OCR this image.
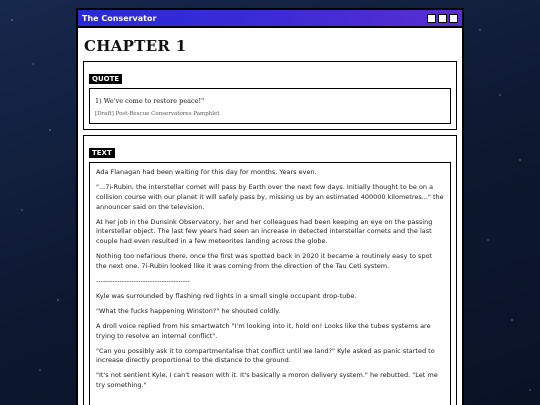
The Conservator
CHAPTER 1
QUOTE

1) We've come to restore peace!"

[Draft] Post-Rescue Conservatores Pamphlet

TEXT

Ada Flanagan had been waiting for this day for months. Years even.

"...7i-Rubin, the interstellar comet will pass by Earth over the next few days. Initially thought to be on a collision course with our planet it will safely pass by, missing us by an estimated 400000 kilometres..." the announcer said on the television.

At her job in the Dunsink Observatory, her and her colleagues had been keeping an eye on the passing interstellar object. The last few years had seen an increase in detected interstellar comets and the last couple had even resulted in a few meteorites landing across the globe.

Nothing too nefarious there, once the first was spotted back in 2020 it became a routinely easy to spot the next one. 7i-Rubin looked like it was coming from the direction of the Tau Ceti system.

----------------------------------------

Kyle was surrounded by flashing red lights in a small single occupant drop-tube.

"What the fucks happening Winston?" he shouted coldly.

A droll voice replied from his smartwatch "I'm looking into it, hold on! Looks like the tubes systems are trying to resolve an internal conflict".

"Can you possibly ask it to compartmentalise that conflict until we land?" Kyle asked as panic started to increase directly proportional to the distance to the ground.

"It's not sentient Kyle, I can't reason with it. It's basically a moron delivery system." he rebutted. "Let me try something."
